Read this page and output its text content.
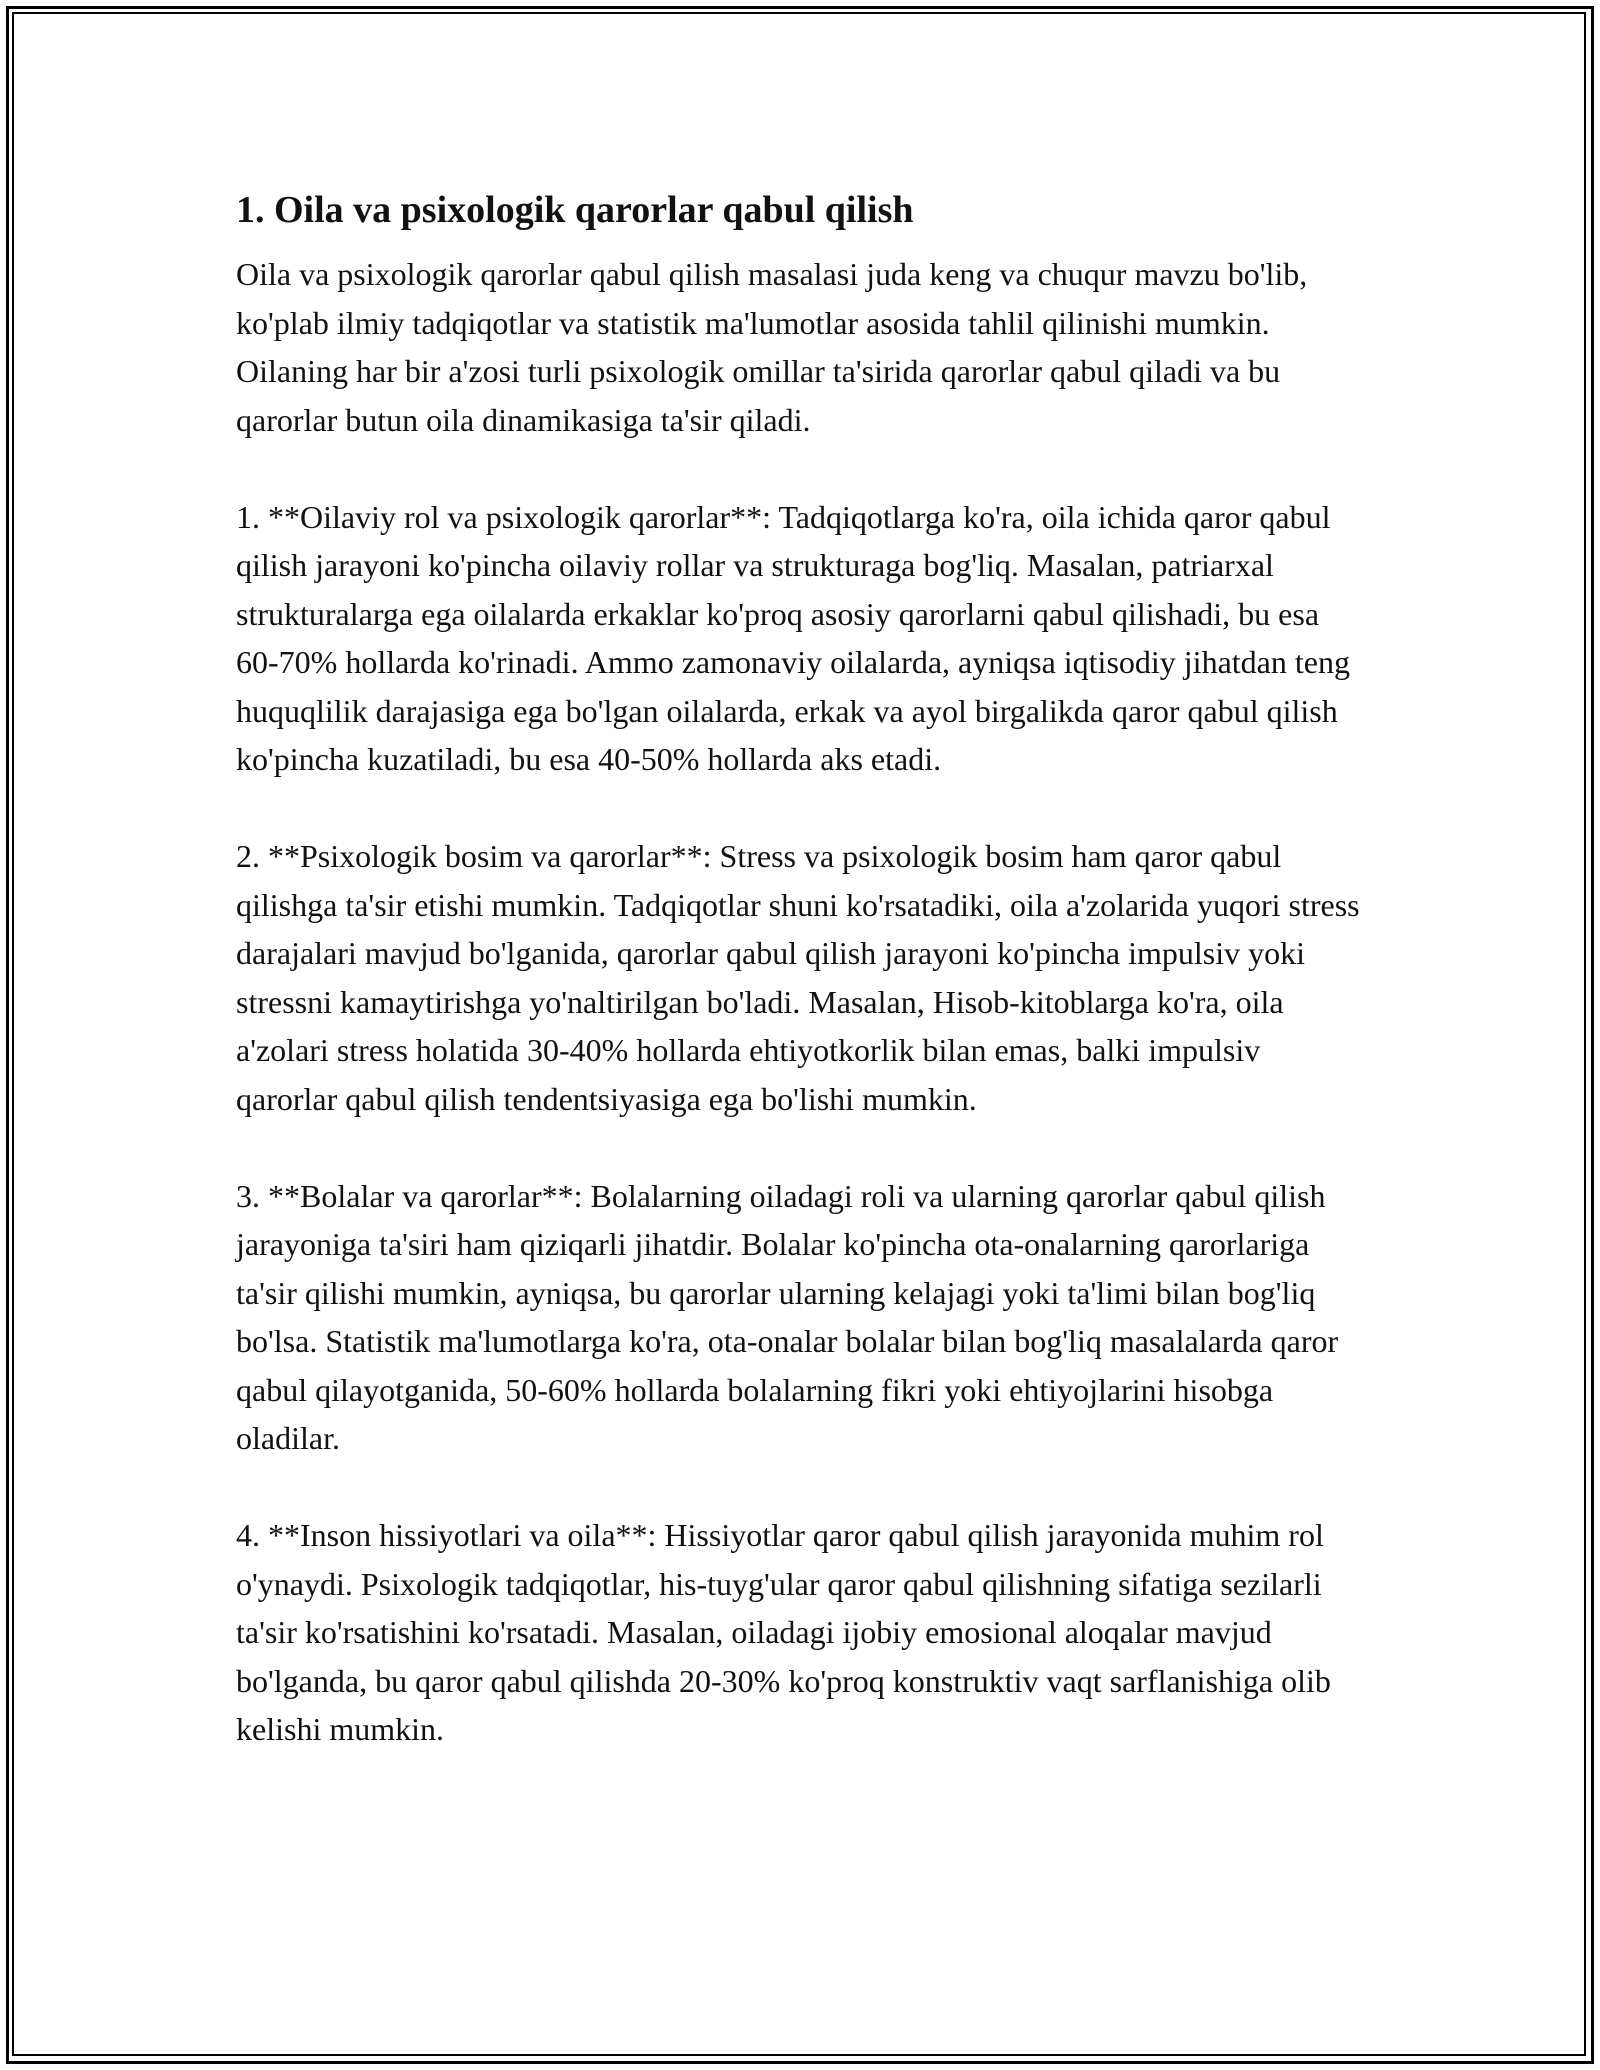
1. Oila va psixologik qarorlar qabul qilish

Oila va psixologik qarorlar qabul qilish masalasi juda keng va chuqur mavzu bo'lib, ko'plab ilmiy tadqiqotlar va statistik ma'lumotlar asosida tahlil qilinishi mumkin. Oilaning har bir a'zosi turli psixologik omillar ta'sirida qarorlar qabul qiladi va bu qarorlar butun oila dinamikasiga ta'sir qiladi.

1. **Oilaviy rol va psixologik qarorlar**: Tadqiqotlarga ko'ra, oila ichida qaror qabul qilish jarayoni ko'pincha oilaviy rollar va strukturaga bog'liq. Masalan, patriarxal strukturalarga ega oilalarda erkaklar ko'proq asosiy qarorlarni qabul qilishadi, bu esa 60-70% hollarda ko'rinadi. Ammo zamonaviy oilalarda, ayniqsa iqtisodiy jihatdan teng huquqlilik darajasiga ega bo'lgan oilalarda, erkak va ayol birgalikda qaror qabul qilish ko'pincha kuzatiladi, bu esa 40-50% hollarda aks etadi.

2. **Psixologik bosim va qarorlar**: Stress va psixologik bosim ham qaror qabul qilishga ta'sir etishi mumkin. Tadqiqotlar shuni ko'rsatadiki, oila a'zolarida yuqori stress darajalari mavjud bo'lganida, qarorlar qabul qilish jarayoni ko'pincha impulsiv yoki stressni kamaytirishga yo'naltirilgan bo'ladi. Masalan, Hisob-kitoblarga ko'ra, oila a'zolari stress holatida 30-40% hollarda ehtiyotkorlik bilan emas, balki impulsiv qarorlar qabul qilish tendentsiyasiga ega bo'lishi mumkin.

3. **Bolalar va qarorlar**: Bolalarning oiladagi roli va ularning qarorlar qabul qilish jarayoniga ta'siri ham qiziqarli jihatdir. Bolalar ko'pincha ota-onalarning qarorlariga ta'sir qilishi mumkin, ayniqsa, bu qarorlar ularning kelajagi yoki ta'limi bilan bog'liq bo'lsa. Statistik ma'lumotlarga ko'ra, ota-onalar bolalar bilan bog'liq masalalarda qaror qabul qilayotganida, 50-60% hollarda bolalarning fikri yoki ehtiyojlarini hisobga oladilar.

4. **Inson hissiyotlari va oila**: Hissiyotlar qaror qabul qilish jarayonida muhim rol o'ynaydi. Psixologik tadqiqotlar, his-tuyg'ular qaror qabul qilishning sifatiga sezilarli ta'sir ko'rsatishini ko'rsatadi. Masalan, oiladagi ijobiy emosional aloqalar mavjud bo'lganda, bu qaror qabul qilishda 20-30% ko'proq konstruktiv vaqt sarflanishiga olib kelishi mumkin.
